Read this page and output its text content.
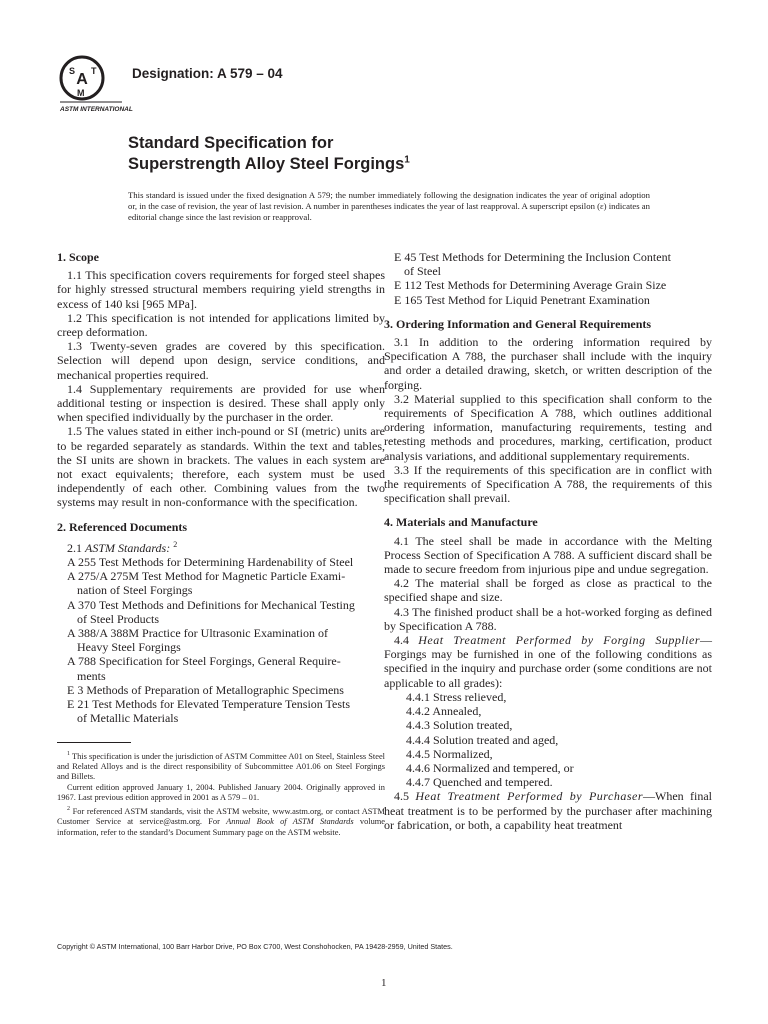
A
S T
M
ASTM INTERNATIONAL
Designation: A 579 – 04
Standard Specification for
Superstrength Alloy Steel Forgings$^1$
This standard is issued under the fixed designation A 579; the number immediately following the designation indicates the year of original adoption or, in the case of revision, the year of last revision. A number in parentheses indicates the year of last reapproval. A superscript epsilon (ε) indicates an editorial change since the last revision or reapproval.

1. Scope

1.1 This specification covers requirements for forged steel shapes for highly stressed structural members requiring yield strengths in excess of 140 ksi [965 MPa].

1.2 This specification is not intended for applications limited by creep deformation.

1.3 Twenty-seven grades are covered by this specification. Selection will depend upon design, service conditions, and mechanical properties required.

1.4 Supplementary requirements are provided for use when additional testing or inspection is desired. These shall apply only when specified individually by the purchaser in the order.

1.5 The values stated in either inch-pound or SI (metric) units are to be regarded separately as standards. Within the text and tables, the SI units are shown in brackets. The values in each system are not exact equivalents; therefore, each system must be used independently of each other. Combining values from the two systems may result in non-conformance with the specification.

2. Referenced Documents

2.1 ASTM Standards: $^2$

A 255 Test Methods for Determining Hardenability of Steel

A 275/A 275M Test Method for Magnetic Particle Exami-
nation of Steel Forgings

A 370 Test Methods and Definitions for Mechanical Testing
of Steel Products

A 388/A 388M Practice for Ultrasonic Examination of
Heavy Steel Forgings

A 788 Specification for Steel Forgings, General Require-
ments

E 3 Methods of Preparation of Metallographic Specimens

E 21 Test Methods for Elevated Temperature Tension Tests
of Metallic Materials

$^1$ This specification is under the jurisdiction of ASTM Committee A01 on Steel, Stainless Steel and Related Alloys and is the direct responsibility of Subcommittee A01.06 on Steel Forgings and Billets.

Current edition approved January 1, 2004. Published January 2004. Originally approved in 1967. Last previous edition approved in 2001 as A 579 – 01.

$^2$ For referenced ASTM standards, visit the ASTM website, www.astm.org, or contact ASTM Customer Service at service@astm.org. For Annual Book of ASTM Standards volume information, refer to the standard’s Document Summary page on the ASTM website.

E 45 Test Methods for Determining the Inclusion Content
of Steel

E 112 Test Methods for Determining Average Grain Size

E 165 Test Method for Liquid Penetrant Examination

3. Ordering Information and General Requirements

3.1 In addition to the ordering information required by Specification A 788, the purchaser shall include with the inquiry and order a detailed drawing, sketch, or written description of the forging.

3.2 Material supplied to this specification shall conform to the requirements of Specification A 788, which outlines additional ordering information, manufacturing requirements, testing and retesting methods and procedures, marking, certification, product analysis variations, and additional supplementary requirements.

3.3 If the requirements of this specification are in conflict with the requirements of Specification A 788, the requirements of this specification shall prevail.

4. Materials and Manufacture

4.1 The steel shall be made in accordance with the Melting Process Section of Specification A 788. A sufficient discard shall be made to secure freedom from injurious pipe and undue segregation.

4.2 The material shall be forged as close as practical to the specified shape and size.

4.3 The finished product shall be a hot-worked forging as defined by Specification A 788.

4.4 Heat Treatment Performed by Forging Supplier—Forgings may be furnished in one of the following conditions as specified in the inquiry and purchase order (some conditions are not applicable to all grades):

4.4.1 Stress relieved,

4.4.2 Annealed,

4.4.3 Solution treated,

4.4.4 Solution treated and aged,

4.4.5 Normalized,

4.4.6 Normalized and tempered, or

4.4.7 Quenched and tempered.

4.5 Heat Treatment Performed by Purchaser—When final heat treatment is to be performed by the purchaser after machining or fabrication, or both, a capability heat treatment

Copyright © ASTM International, 100 Barr Harbor Drive, PO Box C700, West Conshohocken, PA 19428-2959, United States.
1
